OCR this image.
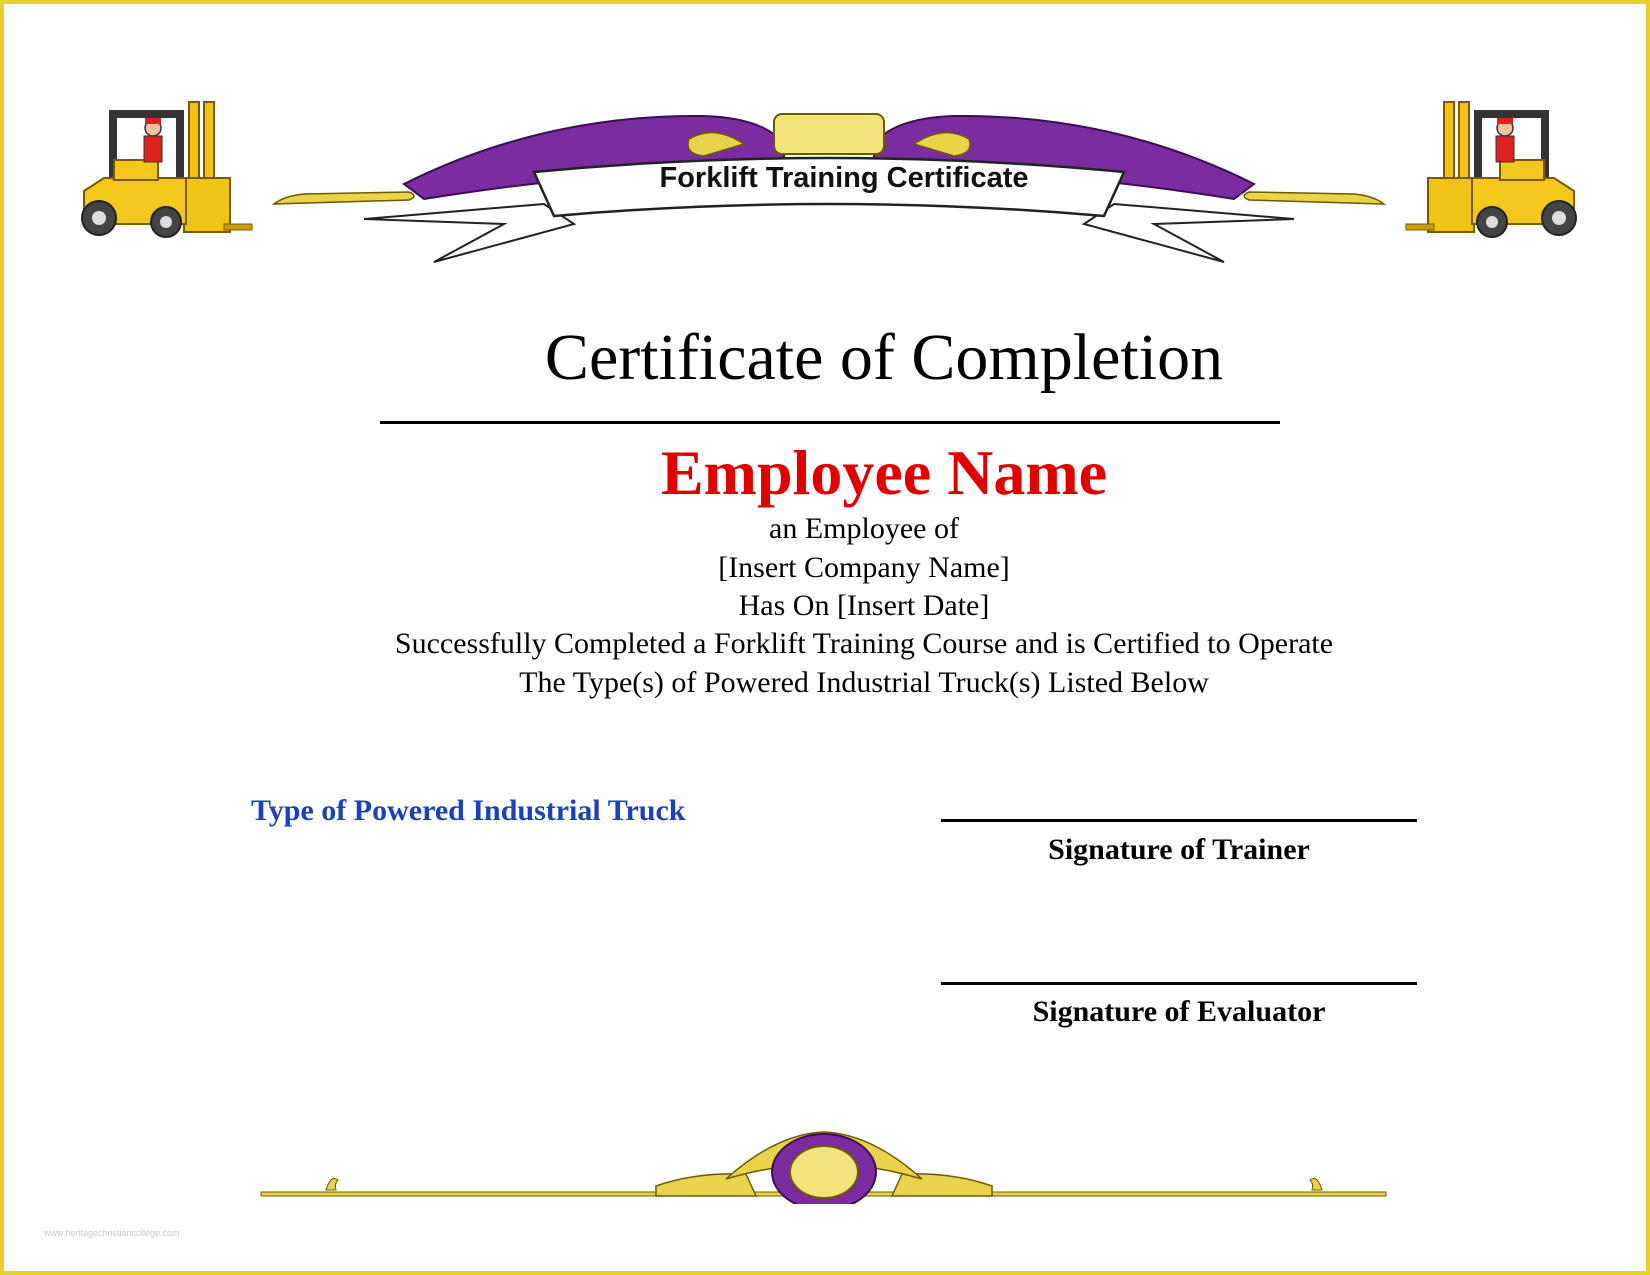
Forklift Training Certificate
Certificate of Completion
Employee Name
an Employee of
[Insert Company Name]
Has On [Insert Date]
Successfully Completed a Forklift Training Course and is Certified to Operate
The Type(s) of Powered Industrial Truck(s) Listed Below
Type of Powered Industrial Truck
Signature of Trainer
Signature of Evaluator
www.heritagechristiancollege.com
